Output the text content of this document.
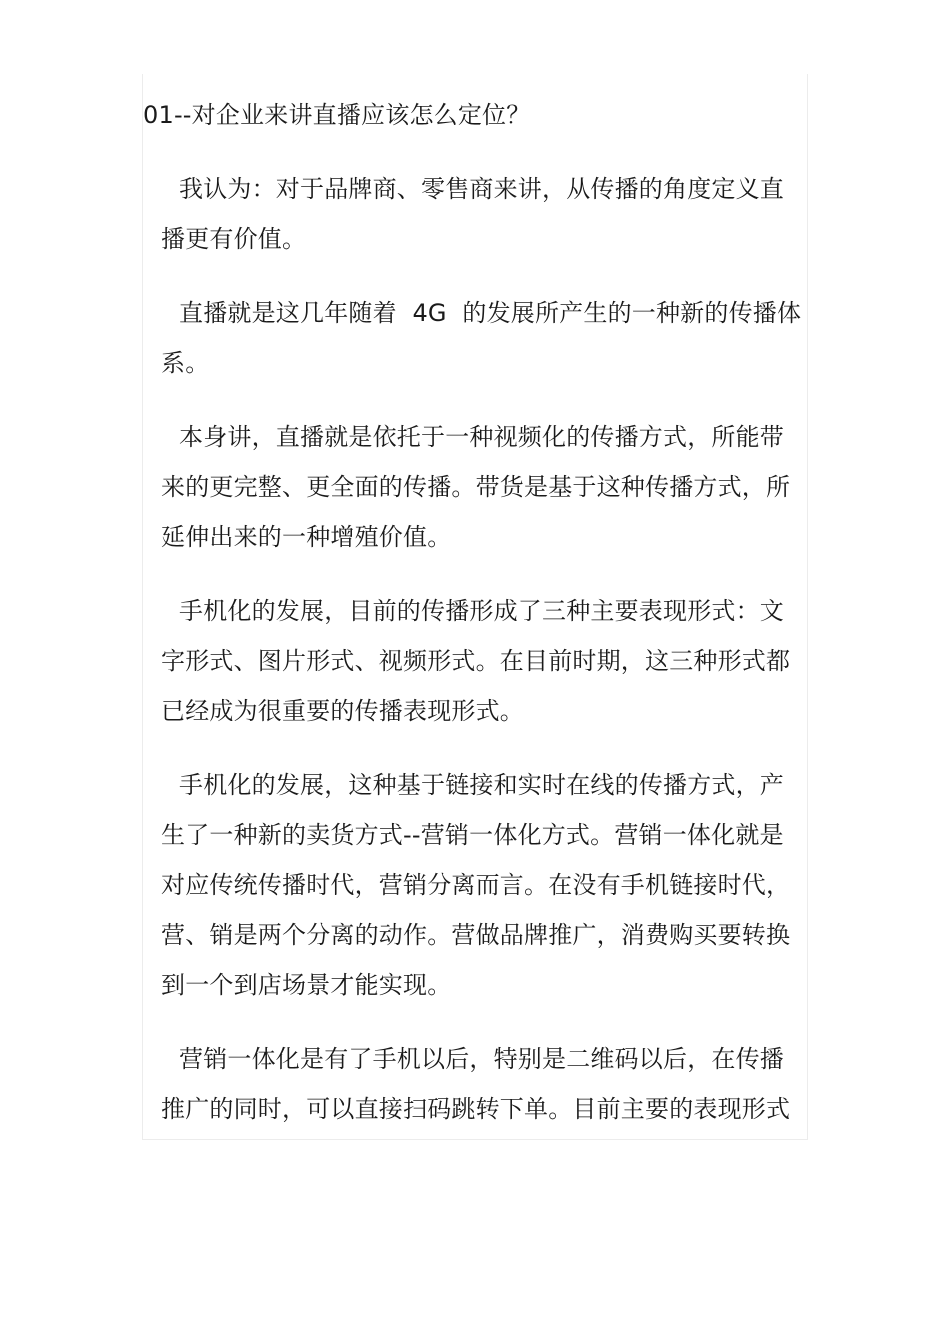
01--对企业来讲直播应该怎么定位？
我认为：对于品牌商、零售商来讲，从传播的角度定义直
播更有价值。
直播就是这几年随着  4G  的发展所产生的一种新的传播体
系。
本身讲，直播就是依托于一种视频化的传播方式，所能带
来的更完整、更全面的传播。带货是基于这种传播方式，所
延伸出来的一种增殖价值。
手机化的发展，目前的传播形成了三种主要表现形式：文
字形式、图片形式、视频形式。在目前时期，这三种形式都
已经成为很重要的传播表现形式。
手机化的发展，这种基于链接和实时在线的传播方式，产
生了一种新的卖货方式--营销一体化方式。营销一体化就是
对应传统传播时代，营销分离而言。在没有手机链接时代，
营、销是两个分离的动作。营做品牌推广，消费购买要转换
到一个到店场景才能实现。
营销一体化是有了手机以后，特别是二维码以后，在传播
推广的同时，可以直接扫码跳转下单。目前主要的表现形式
